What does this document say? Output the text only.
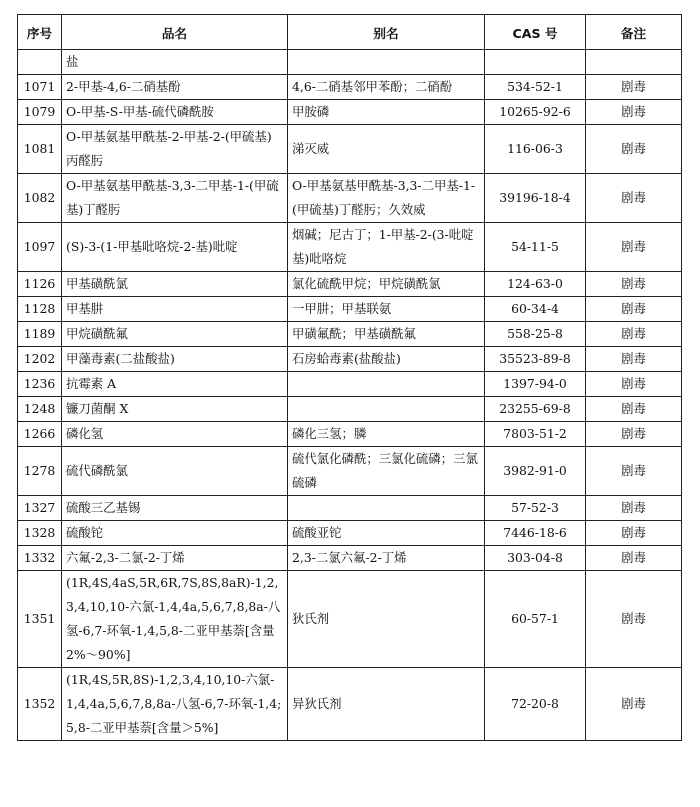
序号	品名	别名	CAS 号	备注
	盐			
1071	2-甲基-4,6-二硝基酚	4,6-二硝基邻甲苯酚；二硝酚	534-52-1	剧毒
1079	O-甲基-S-甲基-硫代磷酰胺	甲胺磷	10265-92-6	剧毒
1081	O-甲基氨基甲酰基-2-甲基-2-(甲硫基)丙醛肟	涕灭威	116-06-3	剧毒
1082	O-甲基氨基甲酰基-3,3-二甲基-1-(甲硫基)丁醛肟	O-甲基氨基甲酰基-3,3-二甲基-1-(甲硫基)丁醛肟；久效威	39196-18-4	剧毒
1097	(S)-3-(1-甲基吡咯烷-2-基)吡啶	烟碱；尼古丁；1-甲基-2-(3-吡啶基)吡咯烷	54-11-5	剧毒
1126	甲基磺酰氯	氯化硫酰甲烷；甲烷磺酰氯	124-63-0	剧毒
1128	甲基肼	一甲肼；甲基联氨	60-34-4	剧毒
1189	甲烷磺酰氟	甲磺氟酰；甲基磺酰氟	558-25-8	剧毒
1202	甲藻毒素(二盐酸盐)	石房蛤毒素(盐酸盐)	35523-89-8	剧毒
1236	抗霉素 A		1397-94-0	剧毒
1248	镰刀菌酮 X		23255-69-8	剧毒
1266	磷化氢	磷化三氢；膦	7803-51-2	剧毒
1278	硫代磷酰氯	硫代氯化磷酰；三氯化硫磷；三氯硫磷	3982-91-0	剧毒
1327	硫酸三乙基锡		57-52-3	剧毒
1328	硫酸铊	硫酸亚铊	7446-18-6	剧毒
1332	六氟-2,3-二氯-2-丁烯	2,3-二氯六氟-2-丁烯	303-04-8	剧毒
1351	(1R,4S,4aS,5R,6R,7S,8S,8aR)-1,2,3,4,10,10-六氯-1,4,4a,5,6,7,8,8a-八氢-6,7-环氧-1,4,5,8-二亚甲基萘[含量2%～90%]	狄氏剂	60-57-1	剧毒
1352	(1R,4S,5R,8S)-1,2,3,4,10,10-六氯-1,4,4a,5,6,7,8,8a-八氢-6,7-环氧-1,4;5,8-二亚甲基萘[含量＞5%]	异狄氏剂	72-20-8	剧毒
